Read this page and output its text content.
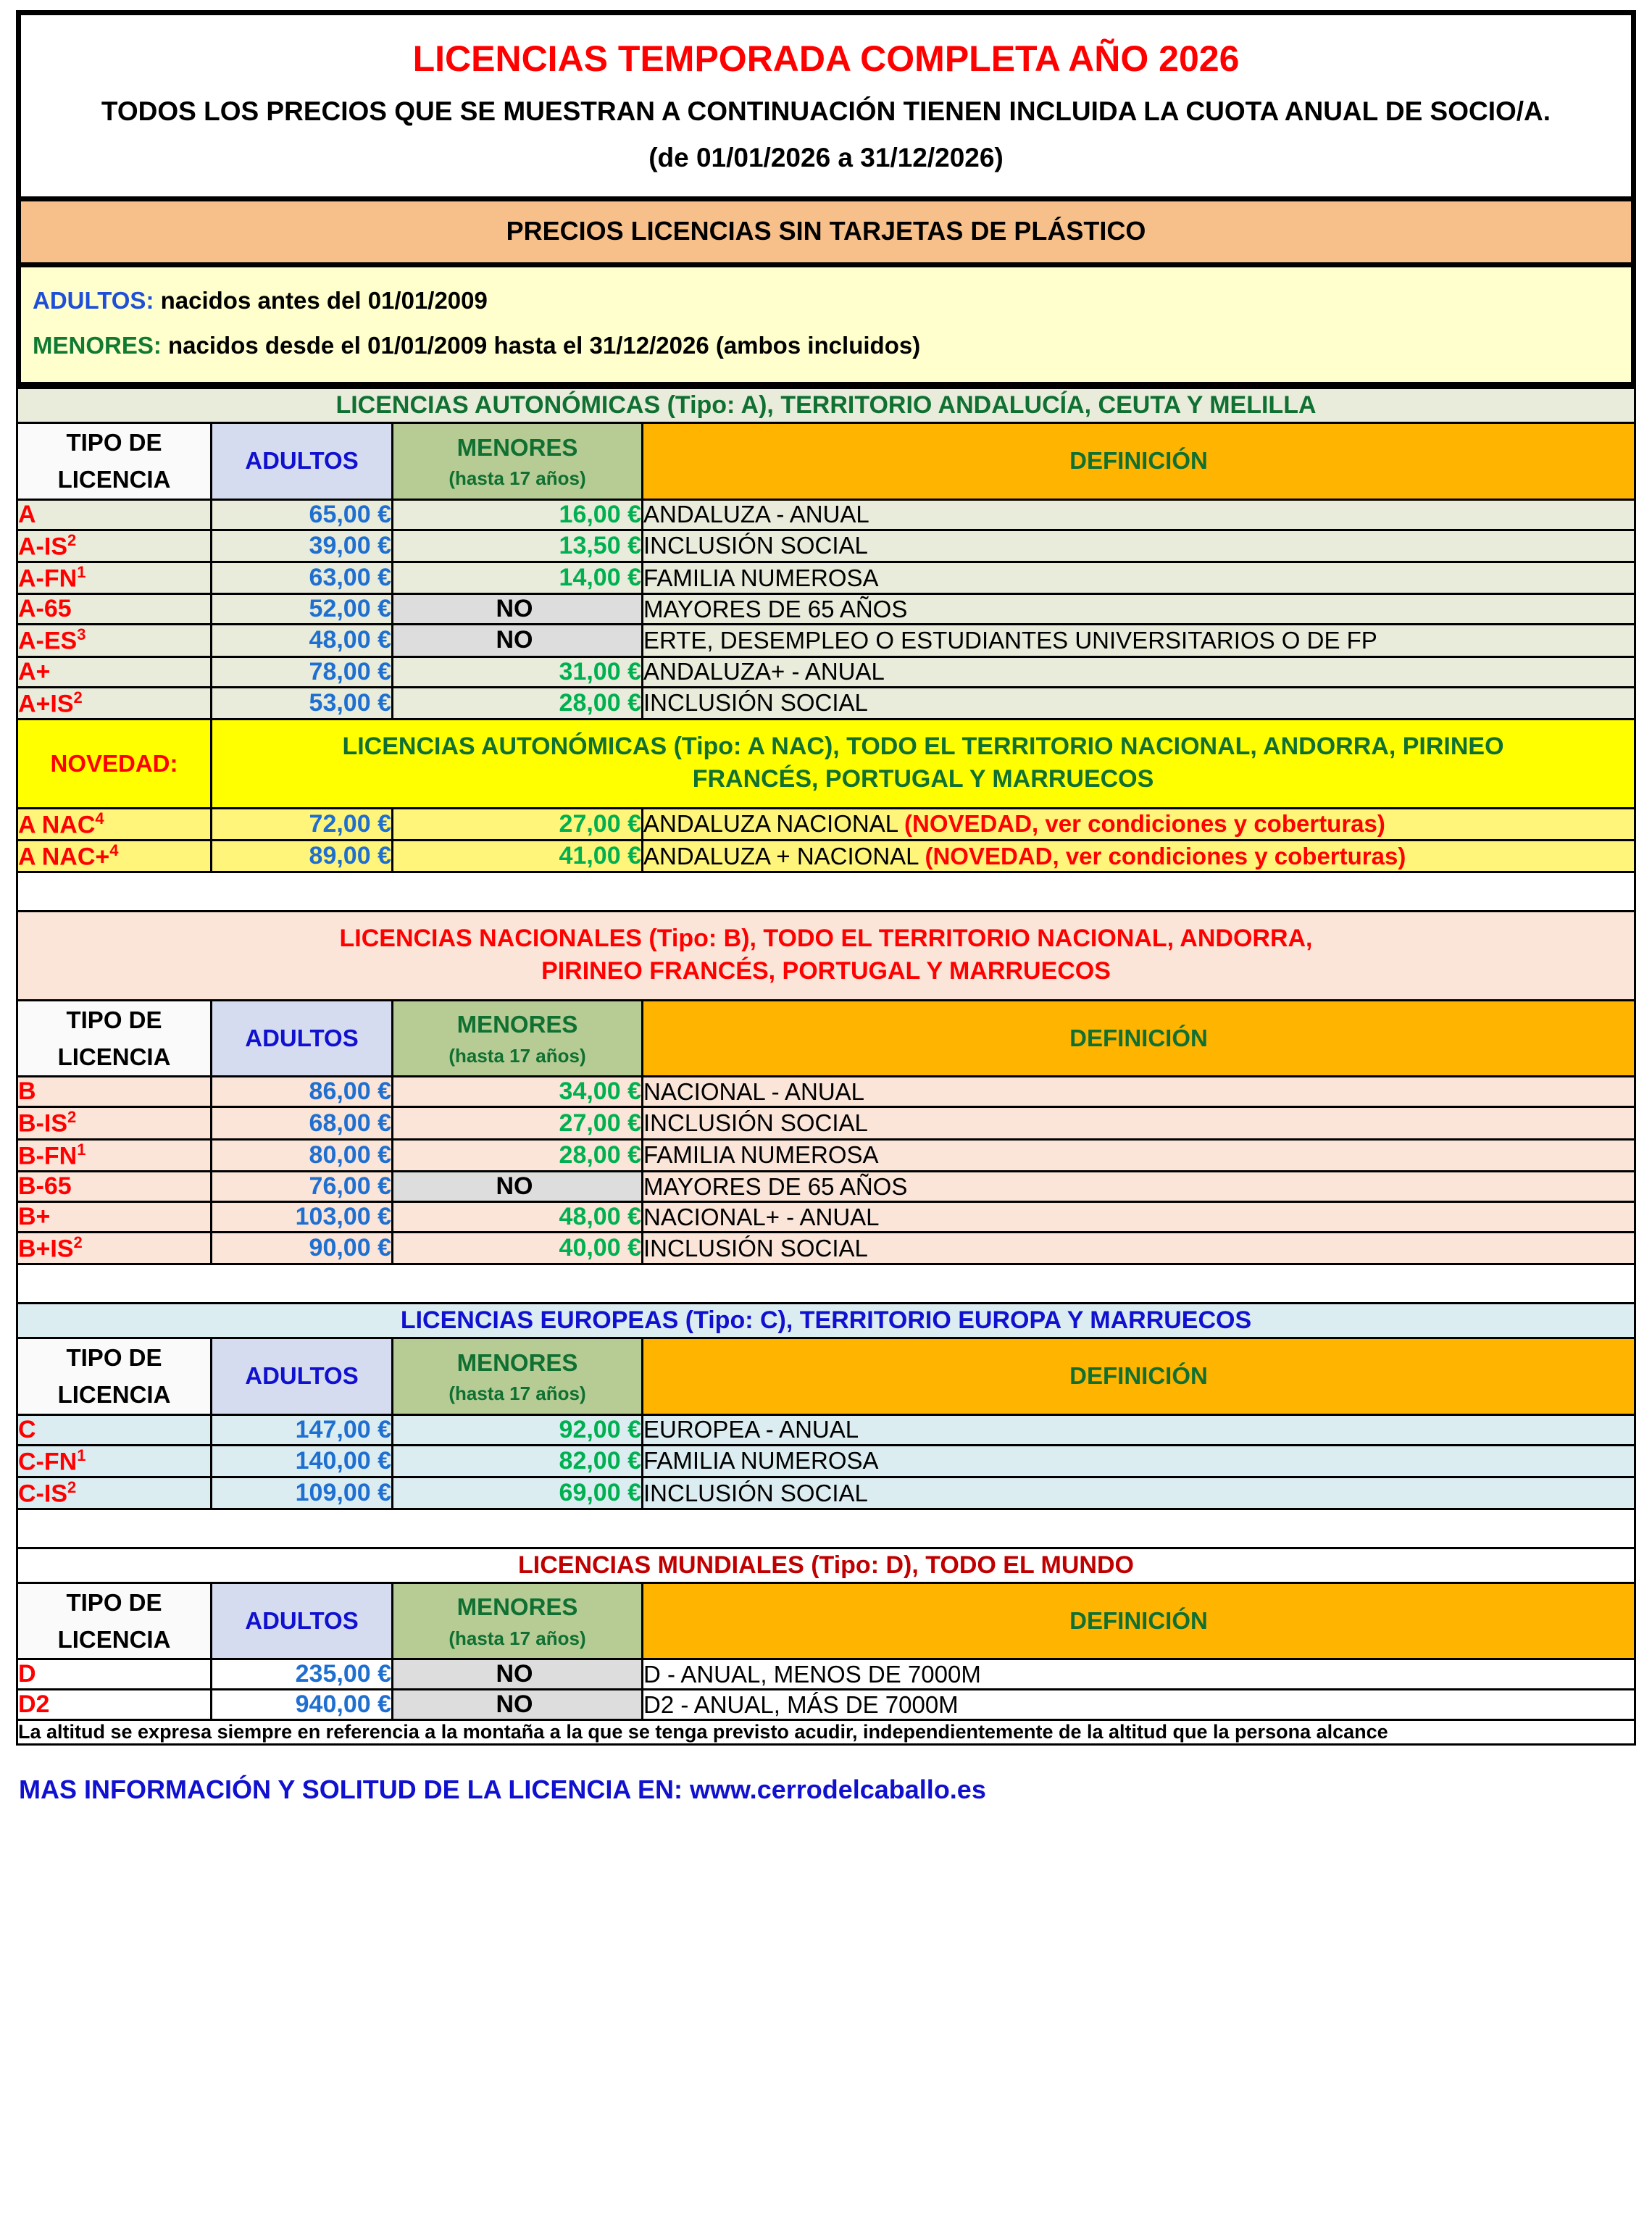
LICENCIAS TEMPORADA COMPLETA AÑO 2026
TODOS LOS PRECIOS QUE SE MUESTRAN A CONTINUACIÓN TIENEN INCLUIDA LA CUOTA ANUAL DE SOCIO/A.
(de 01/01/2026 a 31/12/2026)
PRECIOS LICENCIAS SIN TARJETAS DE PLÁSTICO
ADULTOS: nacidos antes del 01/01/2009
MENORES: nacidos desde el 01/01/2009 hasta el 31/12/2026 (ambos incluidos)
LICENCIAS AUTONÓMICAS (Tipo: A), TERRITORIO ANDALUCÍA, CEUTA Y MELILLA			
TIPO DE
LICENCIA	ADULTOS	MENORES
(hasta 17 años)	DEFINICIÓN
A	65,00 €	16,00 €	ANDALUZA - ANUAL
$A-IS^2$	39,00 €	13,50 €	INCLUSIÓN SOCIAL
$A-FN^1$	63,00 €	14,00 €	FAMILIA NUMEROSA
A-65	52,00 €	NO	MAYORES DE 65 AÑOS
$A-ES^3$	48,00 €	NO	ERTE, DESEMPLEO O ESTUDIANTES UNIVERSITARIOS O DE FP
A+	78,00 €	31,00 €	ANDALUZA+ - ANUAL
$A+IS^2$	53,00 €	28,00 €	INCLUSIÓN SOCIAL
NOVEDAD:	LICENCIAS AUTONÓMICAS (Tipo: A NAC), TODO EL TERRITORIO NACIONAL, ANDORRA, PIRINEO
FRANCÉS, PORTUGAL Y MARRUECOS		
A NAC$^4$	72,00 €	27,00 €	ANDALUZA NACIONAL (NOVEDAD, ver condiciones y coberturas)
A NAC+$^4$	89,00 €	41,00 €	ANDALUZA + NACIONAL (NOVEDAD, ver condiciones y coberturas)

LICENCIAS NACIONALES (Tipo: B), TODO EL TERRITORIO NACIONAL, ANDORRA,
PIRINEO FRANCÉS, PORTUGAL Y MARRUECOS			
TIPO DE
LICENCIA	ADULTOS	MENORES
(hasta 17 años)	DEFINICIÓN
B	86,00 €	34,00 €	NACIONAL - ANUAL
$B-IS^2$	68,00 €	27,00 €	INCLUSIÓN SOCIAL
$B-FN^1$	80,00 €	28,00 €	FAMILIA NUMEROSA
B-65	76,00 €	NO	MAYORES DE 65 AÑOS
B+	103,00 €	48,00 €	NACIONAL+ - ANUAL
$B+IS^2$	90,00 €	40,00 €	INCLUSIÓN SOCIAL

LICENCIAS EUROPEAS (Tipo: C), TERRITORIO EUROPA Y MARRUECOS			
TIPO DE
LICENCIA	ADULTOS	MENORES
(hasta 17 años)	DEFINICIÓN
C	147,00 €	92,00 €	EUROPEA - ANUAL
$C-FN^1$	140,00 €	82,00 €	FAMILIA NUMEROSA
$C-IS^2$	109,00 €	69,00 €	INCLUSIÓN SOCIAL

LICENCIAS MUNDIALES (Tipo: D), TODO EL MUNDO			
TIPO DE
LICENCIA	ADULTOS	MENORES
(hasta 17 años)	DEFINICIÓN
D	235,00 €	NO	D - ANUAL, MENOS DE 7000M
D2	940,00 €	NO	D2 - ANUAL, MÁS DE 7000M
La altitud se expresa siempre en referencia a la montaña a la que se tenga previsto acudir, independientemente de la altitud que la persona alcance			
MAS INFORMACIÓN Y SOLITUD DE LA LICENCIA EN: www.cerrodelcaballo.es
